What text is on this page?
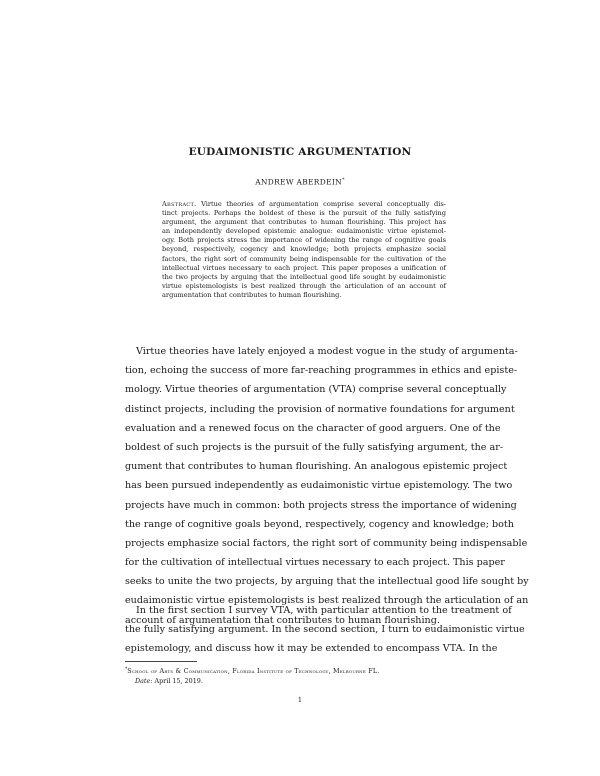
EUDAIMONISTIC ARGUMENTATION
ANDREW ABERDEIN*
Abstract. Virtue theories of argumentation comprise several conceptually dis-
tinct projects. Perhaps the boldest of these is the pursuit of the fully satisfying
argument, the argument that contributes to human flourishing. This project has
an independently developed epistemic analogue: eudaimonistic virtue epistemol-
ogy. Both projects stress the importance of widening the range of cognitive goals
beyond, respectively, cogency and knowledge; both projects emphasize social
factors, the right sort of community being indispensable for the cultivation of the
intellectual virtues necessary to each project. This paper proposes a unification of
the two projects by arguing that the intellectual good life sought by eudaimonistic
virtue epistemologists is best realized through the articulation of an account of
argumentation that contributes to human flourishing.
Virtue theories have lately enjoyed a modest vogue in the study of argumenta-
tion, echoing the success of more far-reaching programmes in ethics and episte-
mology. Virtue theories of argumentation (VTA) comprise several conceptually
distinct projects, including the provision of normative foundations for argument
evaluation and a renewed focus on the character of good arguers. One of the
boldest of such projects is the pursuit of the fully satisfying argument, the ar-
gument that contributes to human flourishing. An analogous epistemic project
has been pursued independently as eudaimonistic virtue epistemology. The two
projects have much in common: both projects stress the importance of widening
the range of cognitive goals beyond, respectively, cogency and knowledge; both
projects emphasize social factors, the right sort of community being indispensable
for the cultivation of intellectual virtues necessary to each project. This paper
seeks to unite the two projects, by arguing that the intellectual good life sought by
eudaimonistic virtue epistemologists is best realized through the articulation of an
account of argumentation that contributes to human flourishing.
In the first section I survey VTA, with particular attention to the treatment of
the fully satisfying argument. In the second section, I turn to eudaimonistic virtue
epistemology, and discuss how it may be extended to encompass VTA. In the
*School of Arts & Communication, Florida Institute of Technology, Melbourne FL.
Date: April 15, 2019.
1
